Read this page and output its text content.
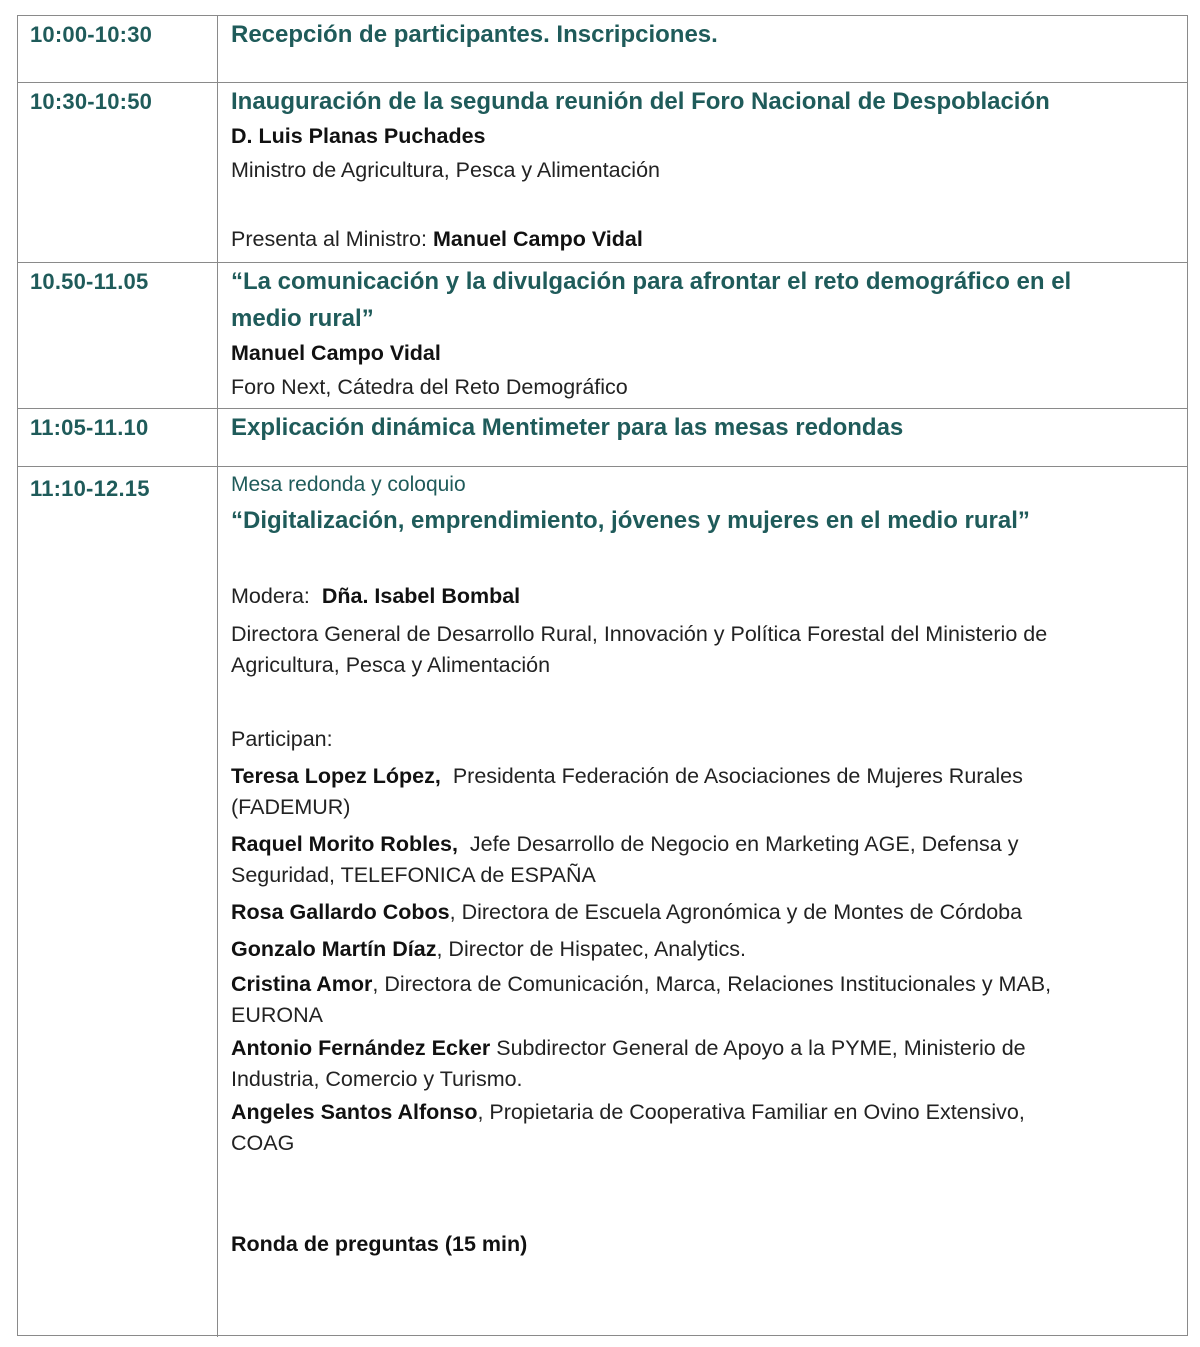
10:00-10:30	Recepción de participantes. Inscripciones.

10:30-10:50	Inauguración de la segunda reunión del Foro Nacional de Despoblación

D. Luis Planas Puchades

Ministro de Agricultura, Pesca y Alimentación

Presenta al Ministro: Manuel Campo Vidal

10.50-11.05	“La comunicación y la divulgación para afrontar el reto demográfico en el

medio rural”

Manuel Campo Vidal

Foro Next, Cátedra del Reto Demográfico

11:05-11.10	Explicación dinámica Mentimeter para las mesas redondas

11:10-12.15	Mesa redonda y coloquio

“Digitalización, emprendimiento, jóvenes y mujeres en el medio rural”

Modera:  Dña. Isabel Bombal

Directora General de Desarrollo Rural, Innovación y Política Forestal del Ministerio de

Agricultura, Pesca y Alimentación

Participan:

Teresa Lopez López,  Presidenta Federación de Asociaciones de Mujeres Rurales

(FADEMUR)

Raquel Morito Robles,  Jefe Desarrollo de Negocio en Marketing AGE, Defensa y

Seguridad, TELEFONICA de ESPAÑA

Rosa Gallardo Cobos, Directora de Escuela Agronómica y de Montes de Córdoba

Gonzalo Martín Díaz, Director de Hispatec, Analytics.

Cristina Amor, Directora de Comunicación, Marca, Relaciones Institucionales y MAB,

EURONA

Antonio Fernández Ecker Subdirector General de Apoyo a la PYME, Ministerio de

Industria, Comercio y Turismo.

Angeles Santos Alfonso, Propietaria de Cooperativa Familiar en Ovino Extensivo,

COAG

Ronda de preguntas (15 min)
